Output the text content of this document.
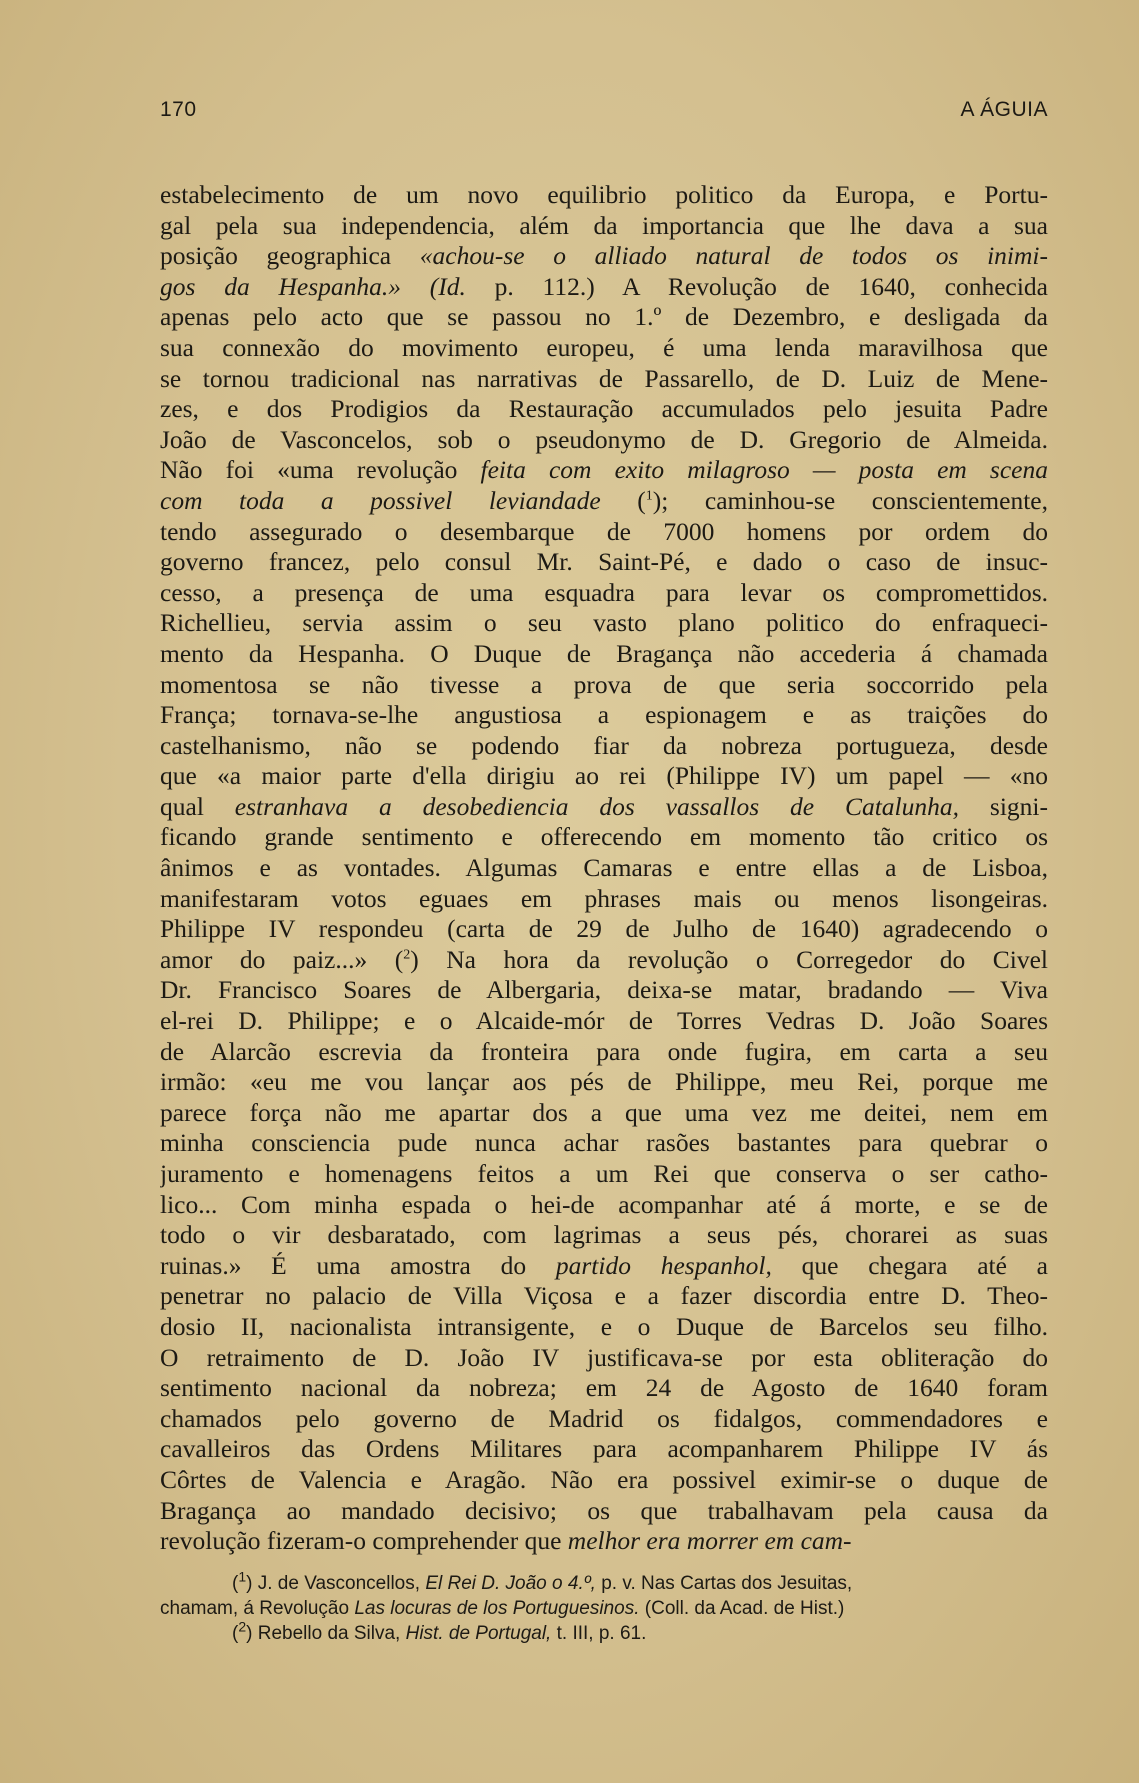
170	A ÁGUIA
estabelecimento de um novo equilibrio politico da Europa, e Portu-
gal pela sua independencia, além da importancia que lhe dava a sua
posição geographica «achou-se o alliado natural de todos os inimi-
gos da Hespanha.» (Id. p. 112.) A Revolução de 1640, conhecida
apenas pelo acto que se passou no 1.º de Dezembro, e desligada da
sua connexão do movimento europeu, é uma lenda maravilhosa que
se tornou tradicional nas narrativas de Passarello, de D. Luiz de Mene-
zes, e dos Prodigios da Restauração accumulados pelo jesuita Padre
João de Vasconcelos, sob o pseudonymo de D. Gregorio de Almeida.
Não foi «uma revolução feita com exito milagroso — posta em scena
com toda a possivel leviandade ($^1$); caminhou-se conscientemente,
tendo assegurado o desembarque de 7000 homens por ordem do
governo francez, pelo consul Mr. Saint-Pé, e dado o caso de insuc-
cesso, a presença de uma esquadra para levar os compromettidos.
Richellieu, servia assim o seu vasto plano politico do enfraqueci-
mento da Hespanha. O Duque de Bragança não accederia á chamada
momentosa se não tivesse a prova de que seria soccorrido pela
França; tornava-se-lhe angustiosa a espionagem e as traições do
castelhanismo, não se podendo fiar da nobreza portugueza, desde
que «a maior parte d'ella dirigiu ao rei (Philippe IV) um papel — «no
qual estranhava a desobediencia dos vassallos de Catalunha, signi-
ficando grande sentimento e offerecendo em momento tão critico os
ânimos e as vontades. Algumas Camaras e entre ellas a de Lisboa,
manifestaram votos eguaes em phrases mais ou menos lisongeiras.
Philippe IV respondeu (carta de 29 de Julho de 1640) agradecendo o
amor do paiz...» ($^2$) Na hora da revolução o Corregedor do Civel
Dr. Francisco Soares de Albergaria, deixa-se matar, bradando — Viva
el-rei D. Philippe; e o Alcaide-mór de Torres Vedras D. João Soares
de Alarcão escrevia da fronteira para onde fugira, em carta a seu
irmão: «eu me vou lançar aos pés de Philippe, meu Rei, porque me
parece força não me apartar dos a que uma vez me deitei, nem em
minha consciencia pude nunca achar rasões bastantes para quebrar o
juramento e homenagens feitos a um Rei que conserva o ser catho-
lico... Com minha espada o hei-de acompanhar até á morte, e se de
todo o vir desbaratado, com lagrimas a seus pés, chorarei as suas
ruinas.» É uma amostra do partido hespanhol, que chegara até a
penetrar no palacio de Villa Viçosa e a fazer discordia entre D. Theo-
dosio II, nacionalista intransigente, e o Duque de Barcelos seu filho.
O retraimento de D. João IV justificava-se por esta obliteração do
sentimento nacional da nobreza; em 24 de Agosto de 1640 foram
chamados pelo governo de Madrid os fidalgos, commendadores e
cavalleiros das Ordens Militares para acompanharem Philippe IV ás
Côrtes de Valencia e Aragão. Não era possivel eximir-se o duque de
Bragança ao mandado decisivo; os que trabalhavam pela causa da
revolução fizeram-o comprehender que melhor era morrer em cam-
($^1$) J. de Vasconcellos, El Rei D. João o 4.º, p. v. Nas Cartas dos Jesuitas,
chamam, á Revolução Las locuras de los Portuguesinos. (Coll. da Acad. de Hist.)
($^2$) Rebello da Silva, Hist. de Portugal, t. III, p. 61.
